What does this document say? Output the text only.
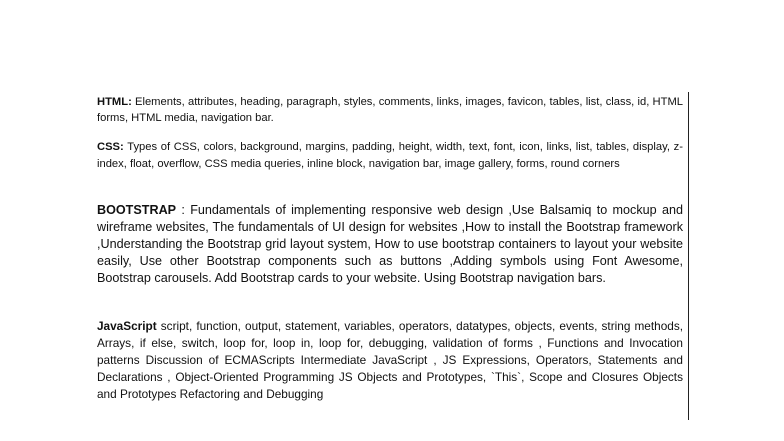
HTML: Elements, attributes, heading, paragraph, styles, comments, links, images, favicon, tables, list, class, id, HTML forms, HTML media, navigation bar.

CSS: Types of CSS, colors, background, margins, padding, height, width, text, font, icon, links, list, tables, display, z-index, float, overflow, CSS media queries, inline block, navigation bar, image gallery, forms, round corners

BOOTSTRAP : Fundamentals of implementing responsive web design ,Use Balsamiq to mockup and wireframe websites, The fundamentals of UI design for websites ,How to install the Bootstrap framework ,Understanding the Bootstrap grid layout system, How to use bootstrap containers to layout your website easily, Use other Bootstrap components such as buttons ,Adding symbols using Font Awesome, Bootstrap carousels. Add Bootstrap cards to your website. Using Bootstrap navigation bars.

JavaScript script, function, output, statement, variables, operators, datatypes, objects, events, string methods, Arrays, if else, switch, loop for, loop in, loop for, debugging, validation of forms , Functions and Invocation patterns Discussion of ECMAScripts Intermediate JavaScript , JS Expressions, Operators, Statements and Declarations , Object-Oriented Programming JS Objects and Prototypes, `This`, Scope and Closures Objects and Prototypes Refactoring and Debugging
